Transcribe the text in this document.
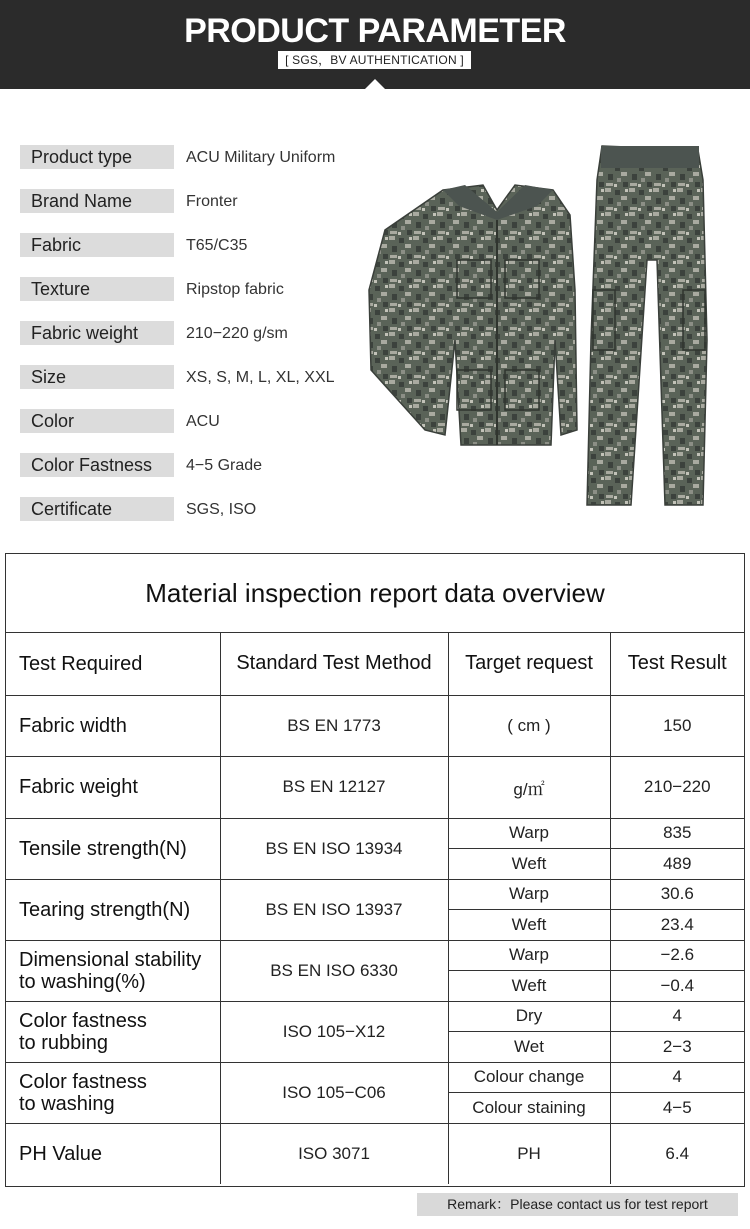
PRODUCT PARAMETER
[ SGS，BV AUTHENTICATION ]
Product type	ACU Military Uniform
Brand Name	Fronter
Fabric	T65/C35
Texture	Ripstop fabric
Fabric weight	210−220 g/sm
Size	XS, S, M, L, XL, XXL
Color	ACU
Color Fastness	4−5 Grade
Certificate	SGS, ISO
Material inspection report data overview
Test Required	Standard Test Method	Target request	Test Result
Fabric width	BS EN 1773	( cm )	150
Fabric weight	BS EN 12127	g/㎡	210−220
Tensile strength(N)	BS EN ISO 13934	Warp	835
		Weft	489
Tearing strength(N)	BS EN ISO 13937	Warp	30.6
		Weft	23.4

Dimensional stability
to washing(%)	BS EN ISO 6330	Warp	−2.6
		Weft	−0.4

Color fastness
to rubbing	ISO 105−X12	Dry	4
		Wet	2−3

Color fastness
to washing	ISO 105−C06	Colour change	4
		Colour staining	4−5
PH Value	ISO 3071	PH	6.4
Remark：Please contact us for test report
